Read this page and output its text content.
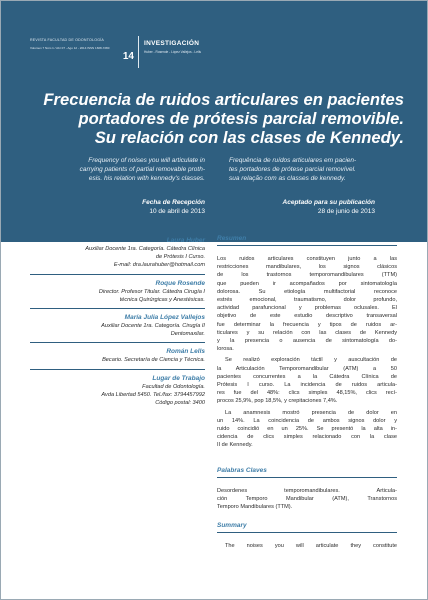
REVISTA FACULTAD DE ODONTOLOGÍA
Volumen 7 Núm 1 / Abr 07 - Ago 12 - 2014 ISSN 1668-7280
14
INVESTIGACIÓN
Huber - Rosende - López Vallejos - Lells
Frecuencia de ruidos articulares en pacientes
portadores de prótesis parcial removible.
Su relación con las clases de Kennedy.
Frequency of noises you will articulate in
carrying patients of partial removable proth-
esis. his relation with kennedy's classes.
Frequência de ruídos articulares em pacien-
tes portadores de prótese parcial removível.
sua relação com as classes de kennedy.
Fecha de Recepción
10 de abril de 2013
Aceptado para su publicación
28 de junio de 2013
Laura Huber
Auxiliar Docente 1ra. Categoría. Cátedra Clínica
de Prótesis I Curso.
E-mail: dra.laurahuber@hotmail.com
Roque Rosende
Director. Profesor Titular. Cátedra Cirugía I
técnica Quirúrgicas y Anestésicas.
María Julia López Vallejos
Auxiliar Docente 1ra. Categoría. Cirugía II
Dentomaxilar.
Román Lells
Becario. Secretaría de Ciencia y Técnica.
Lugar de Trabajo
Facultad de Odontología.
Avda Libertad 5450. Tel./fax: 3794457992
Código postal: 3400
Resumen
Los ruidos articulares constituyen junto a las
restricciones mandibulares, los signos clásicos
de los trastornos temporomandibulares (TTM)
que pueden ir acompañados por sintomatología
dolorosa. Su etiología multifactorial reconoce
estrés emocional, traumatismo, dolor profundo,
actividad parafuncional y problemas oclusales. El
objetivo de este estudio descriptivo transaversal
fue determinar la frecuencia y tipos de ruidos ar-
ticulares y su relación con las clases de Kennedy
y la presencia o ausencia de sintomatología do-
lorosa.
Se realizó exploración táctil y auscultación de
la Articulación Temporomandibular (ATM) a 50
pacientes concurrentes a la Cátedra Clínica de
Prótesis I curso. La incidencia de ruidos articula-
res fue del 48%: clics simples 48,15%, clics recí-
procos 25,9%, pop 18,5%, y crepitaciones 7,4%.
La anamnesis mostró presencia de dolor en
un 14%. La coincidencia de ambos signos dolor y
ruido coincidió en un 25%. Se presentó la alta in-
cidencia de clics simples relacionado con la clase
II de Kennedy.
Palabras Claves
Desordenes temporomandibulares. Articula-
ción Temporo Mandibular (ATM), Transtornos
Temporo Mandibulares (TTM).
Summary
The noises you will articulate they constitute
